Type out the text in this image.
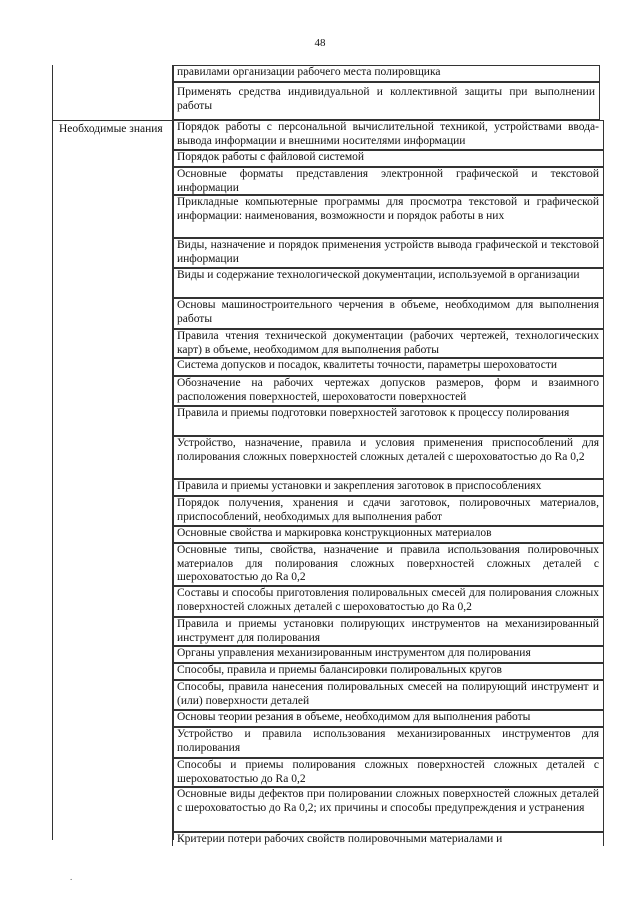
48
Необходимые знания
правилами организации рабочего места полировщика
Применять средства индивидуальной и коллективной защиты при выполнении работы
Порядок работы с персональной вычислительной техникой, устройствами ввода-вывода информации и внешними носителями информации
Порядок работы с файловой системой
Основные форматы представления электронной графической и текстовой информации
Прикладные компьютерные программы для просмотра текстовой и графической информации: наименования, возможности и порядок работы в них
Виды, назначение и порядок применения устройств вывода графической и текстовой информации
Виды и содержание технологической документации, используемой в организации
Основы машиностроительного черчения в объеме, необходимом для выполнения работы
Правила чтения технической документации (рабочих чертежей, технологических карт) в объеме, необходимом для выполнения работы
Система допусков и посадок, квалитеты точности, параметры шероховатости
Обозначение на рабочих чертежах допусков размеров, форм и взаимного расположения поверхностей, шероховатости поверхностей
Правила и приемы подготовки поверхностей заготовок к процессу полирования
Устройство, назначение, правила и условия применения приспособлений для полирования сложных поверхностей сложных деталей с шероховатостью до Ra 0,2
Правила и приемы установки и закрепления заготовок в приспособлениях
Порядок получения, хранения и сдачи заготовок, полировочных материалов, приспособлений, необходимых для выполнения работ
Основные свойства и маркировка конструкционных материалов
Основные типы, свойства, назначение и правила использования полировочных материалов для полирования сложных поверхностей сложных деталей с шероховатостью до Ra 0,2
Составы и способы приготовления полировальных смесей для полирования сложных поверхностей сложных деталей с шероховатостью до Ra 0,2
Правила и приемы установки полирующих инструментов на механизированный инструмент для полирования
Органы управления механизированным инструментом для полирования
Способы, правила и приемы балансировки полировальных кругов
Способы, правила нанесения полировальных смесей на полирующий инструмент и (или) поверхности деталей
Основы теории резания в объеме, необходимом для выполнения работы
Устройство и правила использования механизированных инструментов для полирования
Способы и приемы полирования сложных поверхностей сложных деталей с шероховатостью до Ra 0,2
Основные виды дефектов при полировании сложных поверхностей сложных деталей с шероховатостью до Ra 0,2; их причины и способы предупреждения и устранения
Критерии потери рабочих свойств полировочными материалами и
.
